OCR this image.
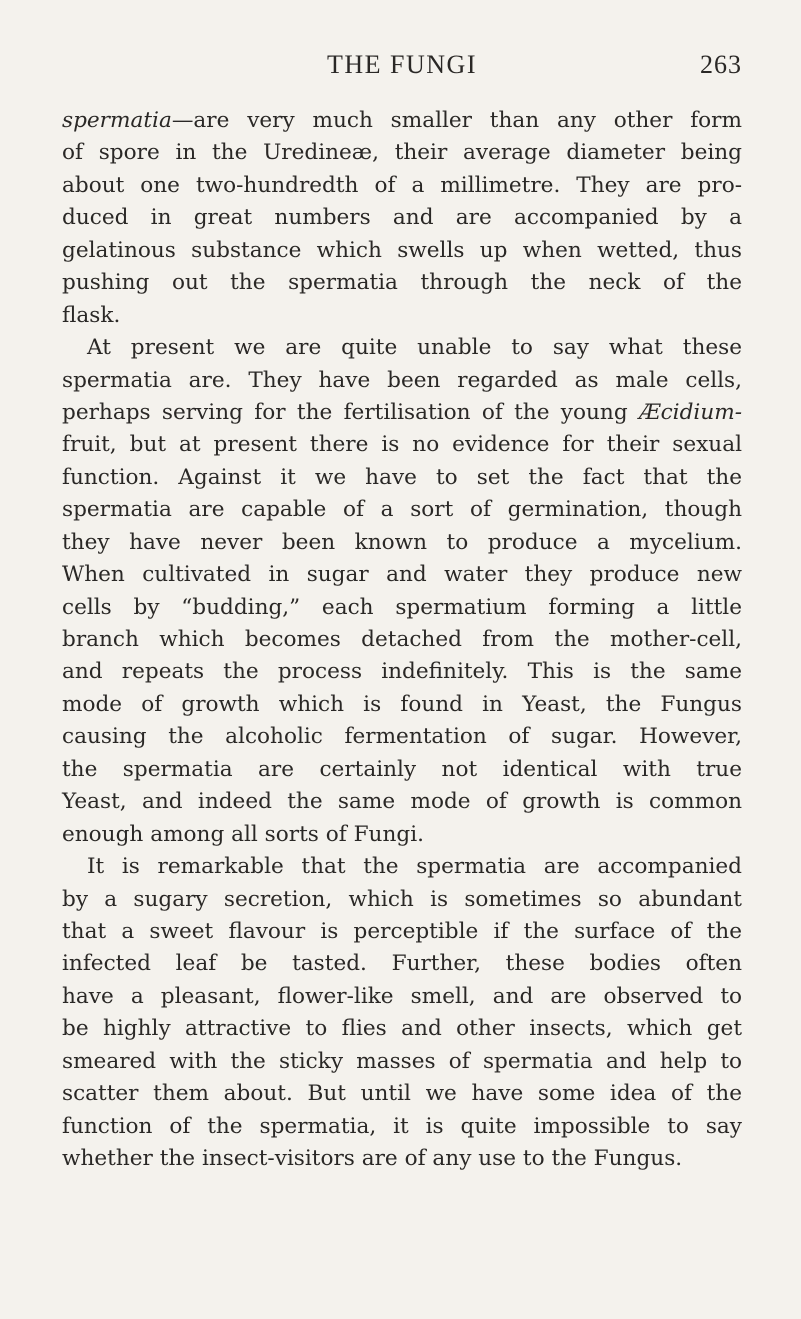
THE FUNGI	263
spermatia—are very much smaller than any other form
of spore in the Uredineæ, their average diameter being
about one two-hundredth of a millimetre. They are pro-
duced in great numbers and are accompanied by a
gelatinous substance which swells up when wetted, thus
pushing out the spermatia through the neck of the
flask.
At present we are quite unable to say what these
spermatia are. They have been regarded as male cells,
perhaps serving for the fertilisation of the young Æcidium-
fruit, but at present there is no evidence for their sexual
function. Against it we have to set the fact that the
spermatia are capable of a sort of germination, though
they have never been known to produce a mycelium.
When cultivated in sugar and water they produce new
cells by “budding,” each spermatium forming a little
branch which becomes detached from the mother-cell,
and repeats the process indefinitely. This is the same
mode of growth which is found in Yeast, the Fungus
causing the alcoholic fermentation of sugar. However,
the spermatia are certainly not identical with true
Yeast, and indeed the same mode of growth is common
enough among all sorts of Fungi.
It is remarkable that the spermatia are accompanied
by a sugary secretion, which is sometimes so abundant
that a sweet flavour is perceptible if the surface of the
infected leaf be tasted. Further, these bodies often
have a pleasant, flower-like smell, and are observed to
be highly attractive to flies and other insects, which get
smeared with the sticky masses of spermatia and help to
scatter them about. But until we have some idea of the
function of the spermatia, it is quite impossible to say
whether the insect-visitors are of any use to the Fungus.
